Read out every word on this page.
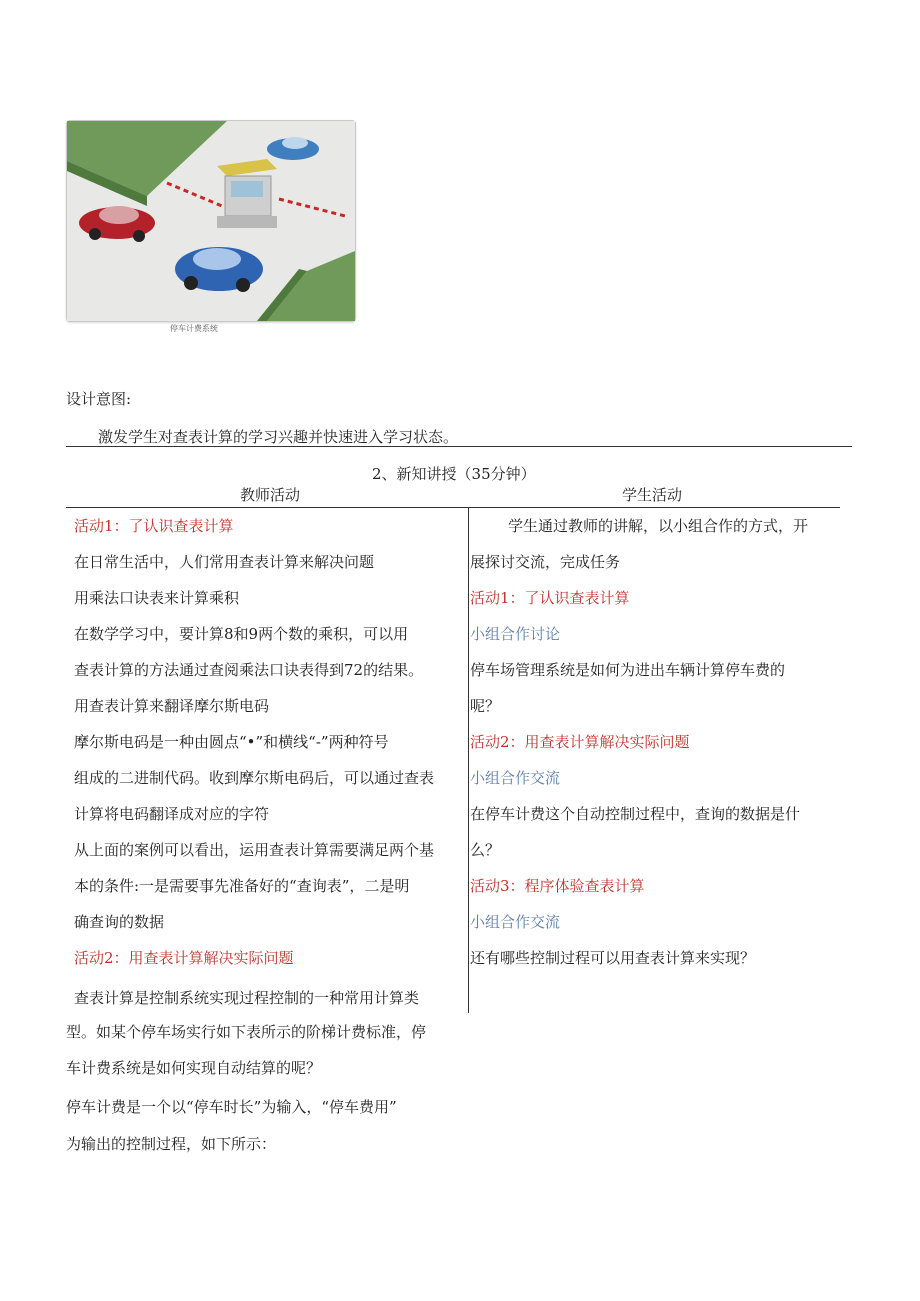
停车计费系统
设计意图:
激发学生对查表计算的学习兴趣并快速进入学习状态。
2、新知讲授（35分钟）
教师活动	学生活动
活动1：了认识查表计算
在日常生活中，人们常用查表计算来解决问题
用乘法口诀表来计算乘积
在数学学习中，要计算8和9两个数的乘积，可以用
查表计算的方法通过查阅乘法口诀表得到72的结果。
用查表计算来翻译摩尔斯电码
摩尔斯电码是一种由圆点“•”和横线“-”两种符号
组成的二进制代码。收到摩尔斯电码后，可以通过查表
计算将电码翻译成对应的字符
从上面的案例可以看出，运用查表计算需要满足两个基
本的条件:一是需要事先准备好的“查询表”，二是明
确查询的数据
活动2：用查表计算解决实际问题
查表计算是控制系统实现过程控制的一种常用计算类
型。如某个停车场实行如下表所示的阶梯计费标准，停
车计费系统是如何实现自动结算的呢？
停车计费是一个以“停车时长”为输入，“停车费用”
为输出的控制过程，如下所示：
学生通过教师的讲解，以小组合作的方式，开
展探讨交流，完成任务
活动1：了认识查表计算
小组合作讨论
停车场管理系统是如何为进出车辆计算停车费的
呢？
活动2：用查表计算解决实际问题
小组合作交流
在停车计费这个自动控制过程中，查询的数据是什
么？
活动3：程序体验查表计算
小组合作交流
还有哪些控制过程可以用查表计算来实现？
